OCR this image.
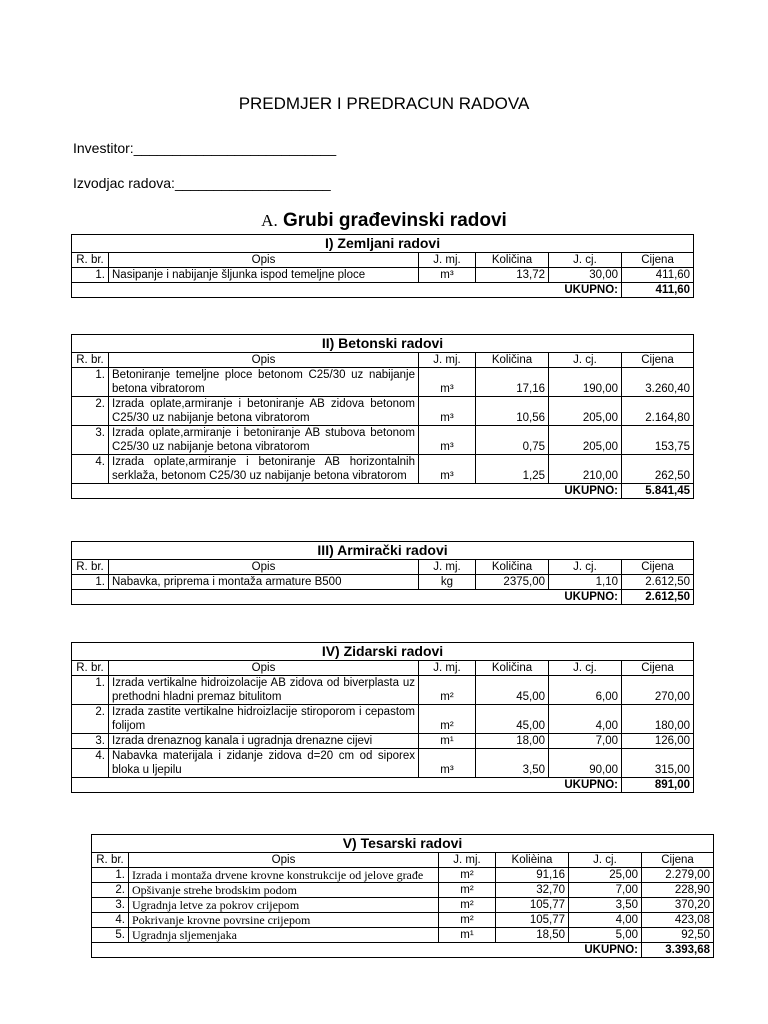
PREDMJER I PREDRACUN RADOVA
Investitor:__________________________
Izvodjac radova:____________________
A. Grubi građevinski radovi
I) Zemljani radovi					
R. br.	Opis	J. mj.	Količina	J. cj.	Cijena
1.	Nasipanje i nabijanje šljunka ispod temeljne ploce	m³	13,72	30,00	411,60
				UKUPNO:	411,60
II) Betonski radovi					
R. br.	Opis	J. mj.	Količina	J. cj.	Cijena
1.	Betoniranje temeljne ploce betonom C25/30 uz nabijanje betona vibratorom	m³	17,16	190,00	3.260,40
2.	Izrada oplate,armiranje i betoniranje AB zidova betonom C25/30 uz nabijanje betona vibratorom	m³	10,56	205,00	2.164,80
3.	Izrada oplate,armiranje i betoniranje AB stubova betonom C25/30 uz nabijanje betona vibratorom	m³	0,75	205,00	153,75
4.	Izrada oplate,armiranje i betoniranje AB horizontalnih serklaža, betonom C25/30 uz nabijanje betona vibratorom	m³	1,25	210,00	262,50
				UKUPNO:	5.841,45
III) Armirački radovi					
R. br.	Opis	J. mj.	Količina	J. cj.	Cijena
1.	Nabavka, priprema i montaža armature B500	kg	2375,00	1,10	2.612,50
				UKUPNO:	2.612,50
IV) Zidarski radovi					
R. br.	Opis	J. mj.	Količina	J. cj.	Cijena
1.	Izrada vertikalne hidroizolacije AB zidova od biverplasta uz prethodni hladni premaz bitulitom	m²	45,00	6,00	270,00
2.	Izrada zastite vertikalne hidroizlacije stiroporom i cepastom folijom	m²	45,00	4,00	180,00
3.	Izrada drenaznog kanala i ugradnja drenazne cijevi	m¹	18,00	7,00	126,00
4.	Nabavka materijala i zidanje zidova d=20 cm od siporex bloka u ljepilu	m³	3,50	90,00	315,00
				UKUPNO:	891,00
V) Tesarski radovi					
R. br.	Opis	J. mj.	Kolièina	J. cj.	Cijena
1.	Izrada i montaža drvene krovne konstrukcije od jelove građe	m²	91,16	25,00	2.279,00
2.	Opšivanje strehe brodskim podom	m²	32,70	7,00	228,90
3.	Ugradnja letve za pokrov crijepom	m²	105,77	3,50	370,20
4.	Pokrivanje krovne povrsine crijepom	m²	105,77	4,00	423,08
5.	Ugradnja sljemenjaka	m¹	18,50	5,00	92,50
				UKUPNO:	3.393,68
